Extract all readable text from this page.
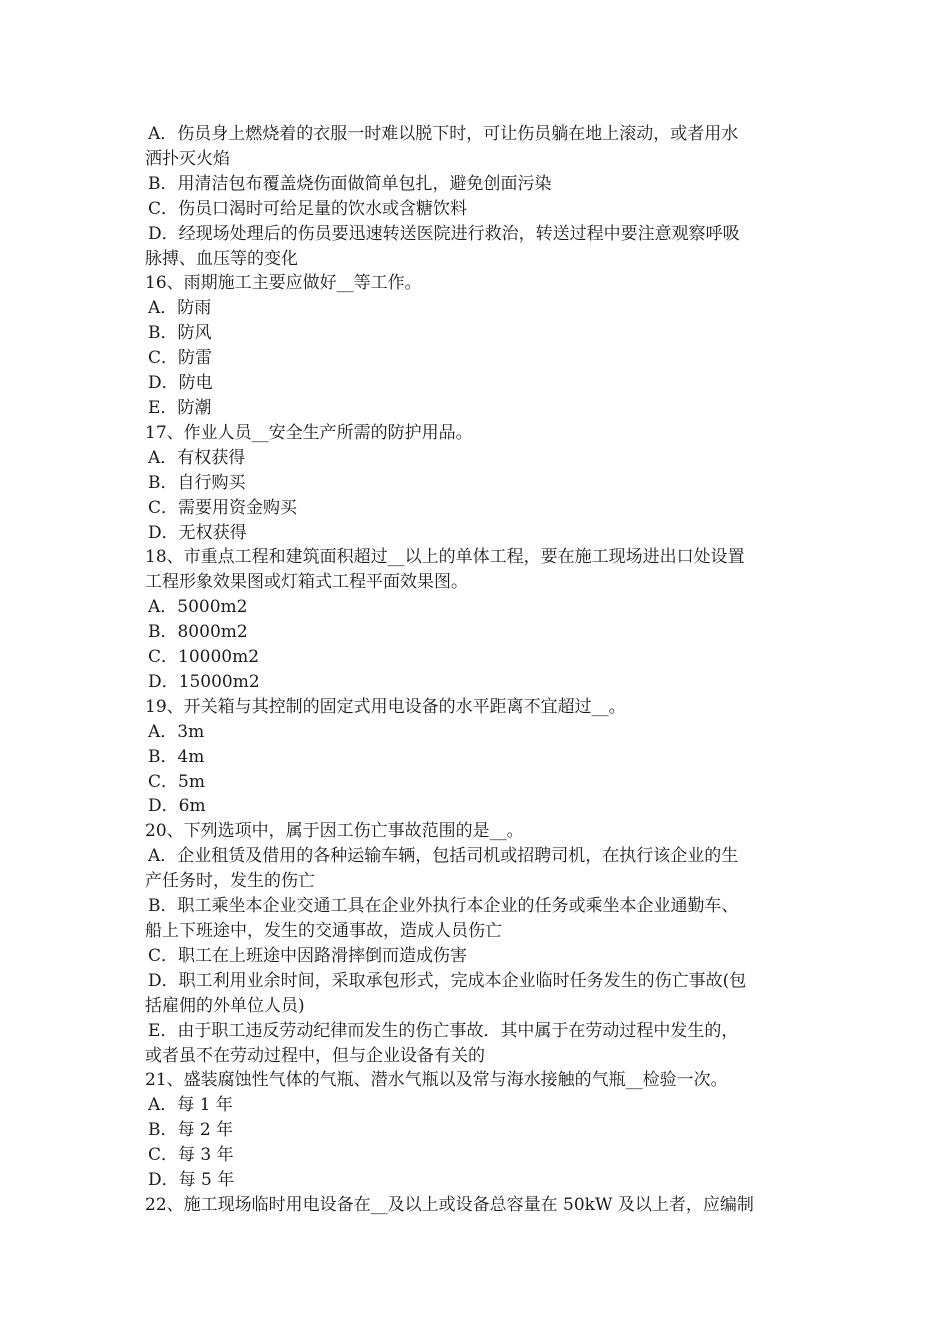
A．伤员身上燃烧着的衣服一时难以脱下时，可让伤员躺在地上滚动，或者用水
洒扑灭火焰
B．用清洁包布覆盖烧伤面做简单包扎，避免创面污染
C．伤员口渴时可给足量的饮水或含糖饮料
D．经现场处理后的伤员要迅速转送医院进行救治，转送过程中要注意观察呼吸
脉搏、血压等的变化
16、雨期施工主要应做好__等工作。
A．防雨
B．防风
C．防雷
D．防电
E．防潮
17、作业人员__安全生产所需的防护用品。
A．有权获得
B．自行购买
C．需要用资金购买
D．无权获得
18、市重点工程和建筑面积超过__以上的单体工程，要在施工现场进出口处设置
工程形象效果图或灯箱式工程平面效果图。
A．5000m2
B．8000m2
C．10000m2
D．15000m2
19、开关箱与其控制的固定式用电设备的水平距离不宜超过__。
A．3m
B．4m
C．5m
D．6m
20、下列选项中，属于因工伤亡事故范围的是__。
A．企业租赁及借用的各种运输车辆，包括司机或招聘司机，在执行该企业的生
产任务时，发生的伤亡
B．职工乘坐本企业交通工具在企业外执行本企业的任务或乘坐本企业通勤车、
船上下班途中，发生的交通事故，造成人员伤亡
C．职工在上班途中因路滑摔倒而造成伤害
D．职工利用业余时间，采取承包形式，完成本企业临时任务发生的伤亡事故(包
括雇佣的外单位人员)
E．由于职工违反劳动纪律而发生的伤亡事故．其中属于在劳动过程中发生的，
或者虽不在劳动过程中，但与企业设备有关的
21、盛装腐蚀性气体的气瓶、潜水气瓶以及常与海水接触的气瓶__检验一次。
A．每 1 年
B．每 2 年
C．每 3 年
D．每 5 年
22、施工现场临时用电设备在__及以上或设备总容量在 50kW 及以上者，应编制
